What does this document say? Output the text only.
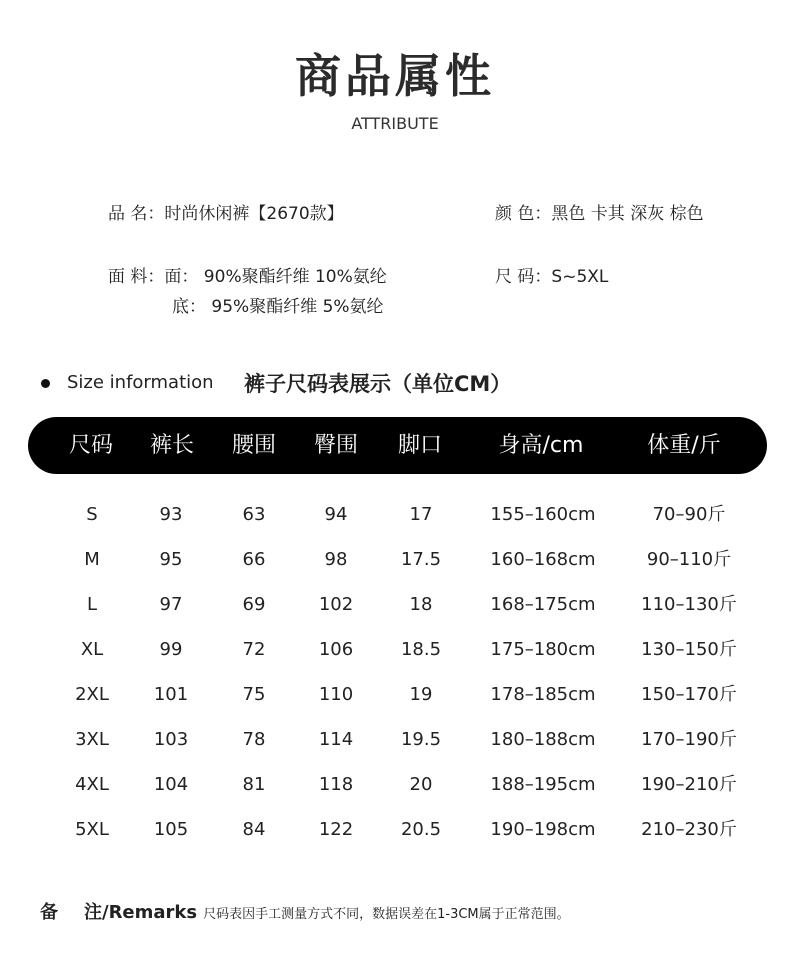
商品属性
ATTRIBUTE
品 名：时尚休闲裤【2670款】	颜 色：黑色 卡其 深灰 棕色
面 料：面： 90%聚酯纤维 10%氨纶
底： 95%聚酯纤维 5%氨纶
尺 码：S~5XL
Size information 裤子尺码表展示（单位CM）
尺码 裤长 腰围 臀围 脚口	身高/cm	体重/斤
S	93	63	94	17	155–160cm	70–90斤
M	95	66	98	17.5	160–168cm	90–110斤
L	97	69	102	18	168–175cm	110–130斤
XL	99	72	106	18.5	175–180cm	130–150斤
2XL 101	75	110	19	178–185cm	150–170斤
3XL 103	78	114	19.5	180–188cm	170–190斤
4XL 104	81	118	20	188–195cm	190–210斤
5XL 105	84	122	20.5	190–198cm	210–230斤
备 注/Remarks 尺码表因手工测量方式不同，数据误差在1-3CM属于正常范围。
